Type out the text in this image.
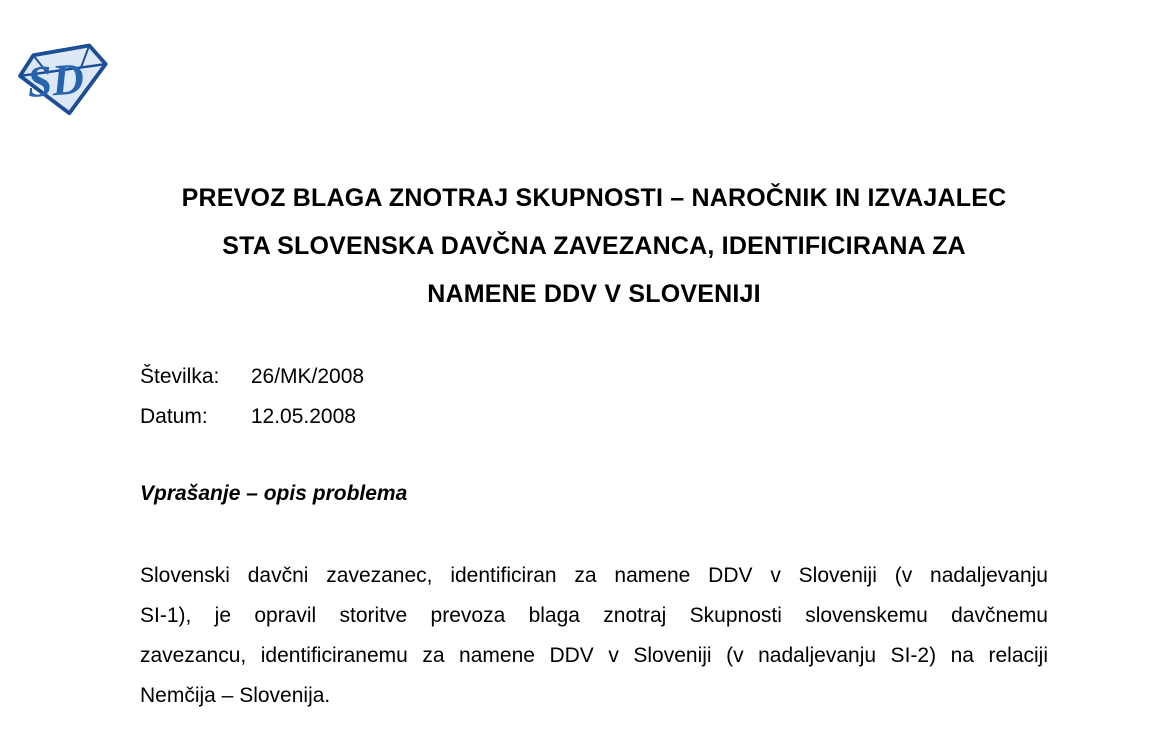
SD
PREVOZ BLAGA ZNOTRAJ SKUPNOSTI – NAROČNIK IN IZVAJALEC
STA SLOVENSKA DAVČNA ZAVEZANCA, IDENTIFICIRANA ZA
NAMENE DDV V SLOVENIJI
Številka: 26/MK/2008
Datum: 12.05.2008
Vprašanje – opis problema
Slovenski davčni zavezanec, identificiran za namene DDV v Sloveniji (v nadaljevanju
SI-1), je opravil storitve prevoza blaga znotraj Skupnosti slovenskemu davčnemu
zavezancu, identificiranemu za namene DDV v Sloveniji (v nadaljevanju SI-2) na relaciji
Nemčija – Slovenija.
